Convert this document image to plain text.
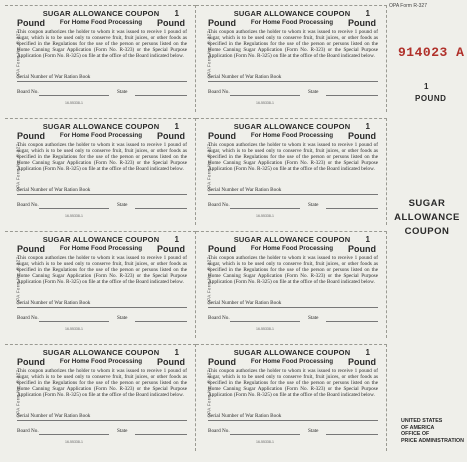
OPA Form No. R-327
SUGAR ALLOWANCE COUPON	1
Pound	For Home Food Processing	Pound
This coupon authorizes the holder to whom it was issued to receive 1 pound of sugar, which is to be used only to conserve fruit, fruit juices, or other foods as specified in the Regulations for the use of the person or persons listed on the Home Canning Sugar Application (Form No. R-323) or the Special Purpose Application (Form No. R-325) on file at the office of the Board indicated below.
Serial Number of War Ration Book
Board No.	State
16-55338-1
OPA Form No. R-327
SUGAR ALLOWANCE COUPON	1
Pound	For Home Food Processing	Pound
This coupon authorizes the holder to whom it was issued to receive 1 pound of sugar, which is to be used only to conserve fruit, fruit juices, or other foods as specified in the Regulations for the use of the person or persons listed on the Home Canning Sugar Application (Form No. R-323) or the Special Purpose Application (Form No. R-325) on file at the office of the Board indicated below.
Serial Number of War Ration Book
Board No.	State
16-55338-1
OPA Form No. R-327
SUGAR ALLOWANCE COUPON	1
Pound	For Home Food Processing	Pound
This coupon authorizes the holder to whom it was issued to receive 1 pound of sugar, which is to be used only to conserve fruit, fruit juices, or other foods as specified in the Regulations for the use of the person or persons listed on the Home Canning Sugar Application (Form No. R-323) or the Special Purpose Application (Form No. R-325) on file at the office of the Board indicated below.
Serial Number of War Ration Book
Board No.	State
16-55338-1
OPA Form No. R-327
SUGAR ALLOWANCE COUPON	1
Pound	For Home Food Processing	Pound
This coupon authorizes the holder to whom it was issued to receive 1 pound of sugar, which is to be used only to conserve fruit, fruit juices, or other foods as specified in the Regulations for the use of the person or persons listed on the Home Canning Sugar Application (Form No. R-323) or the Special Purpose Application (Form No. R-325) on file at the office of the Board indicated below.
Serial Number of War Ration Book
Board No.	State
16-55338-1
OPA Form No. R-327
SUGAR ALLOWANCE COUPON	1
Pound	For Home Food Processing	Pound
This coupon authorizes the holder to whom it was issued to receive 1 pound of sugar, which is to be used only to conserve fruit, fruit juices, or other foods as specified in the Regulations for the use of the person or persons listed on the Home Canning Sugar Application (Form No. R-323) or the Special Purpose Application (Form No. R-325) on file at the office of the Board indicated below.
Serial Number of War Ration Book
Board No.	State
16-55338-1
OPA Form No. R-327
SUGAR ALLOWANCE COUPON	1
Pound	For Home Food Processing	Pound
This coupon authorizes the holder to whom it was issued to receive 1 pound of sugar, which is to be used only to conserve fruit, fruit juices, or other foods as specified in the Regulations for the use of the person or persons listed on the Home Canning Sugar Application (Form No. R-323) or the Special Purpose Application (Form No. R-325) on file at the office of the Board indicated below.
Serial Number of War Ration Book
Board No.	State
16-55338-1
OPA Form No. R-327
SUGAR ALLOWANCE COUPON	1
Pound	For Home Food Processing	Pound
This coupon authorizes the holder to whom it was issued to receive 1 pound of sugar, which is to be used only to conserve fruit, fruit juices, or other foods as specified in the Regulations for the use of the person or persons listed on the Home Canning Sugar Application (Form No. R-323) or the Special Purpose Application (Form No. R-325) on file at the office of the Board indicated below.
Serial Number of War Ration Book
Board No.	State
16-55338-1
OPA Form No. R-327
SUGAR ALLOWANCE COUPON	1
Pound	For Home Food Processing	Pound
This coupon authorizes the holder to whom it was issued to receive 1 pound of sugar, which is to be used only to conserve fruit, fruit juices, or other foods as specified in the Regulations for the use of the person or persons listed on the Home Canning Sugar Application (Form No. R-323) or the Special Purpose Application (Form No. R-325) on file at the office of the Board indicated below.
Serial Number of War Ration Book
Board No.	State
16-55338-1
OPA Form R-327
914023 A
1
POUND
SUGAR
ALLOWANCE
COUPON
UNITED STATES
OF AMERICA
OFFICE OF
PRICE ADMINISTRATION
